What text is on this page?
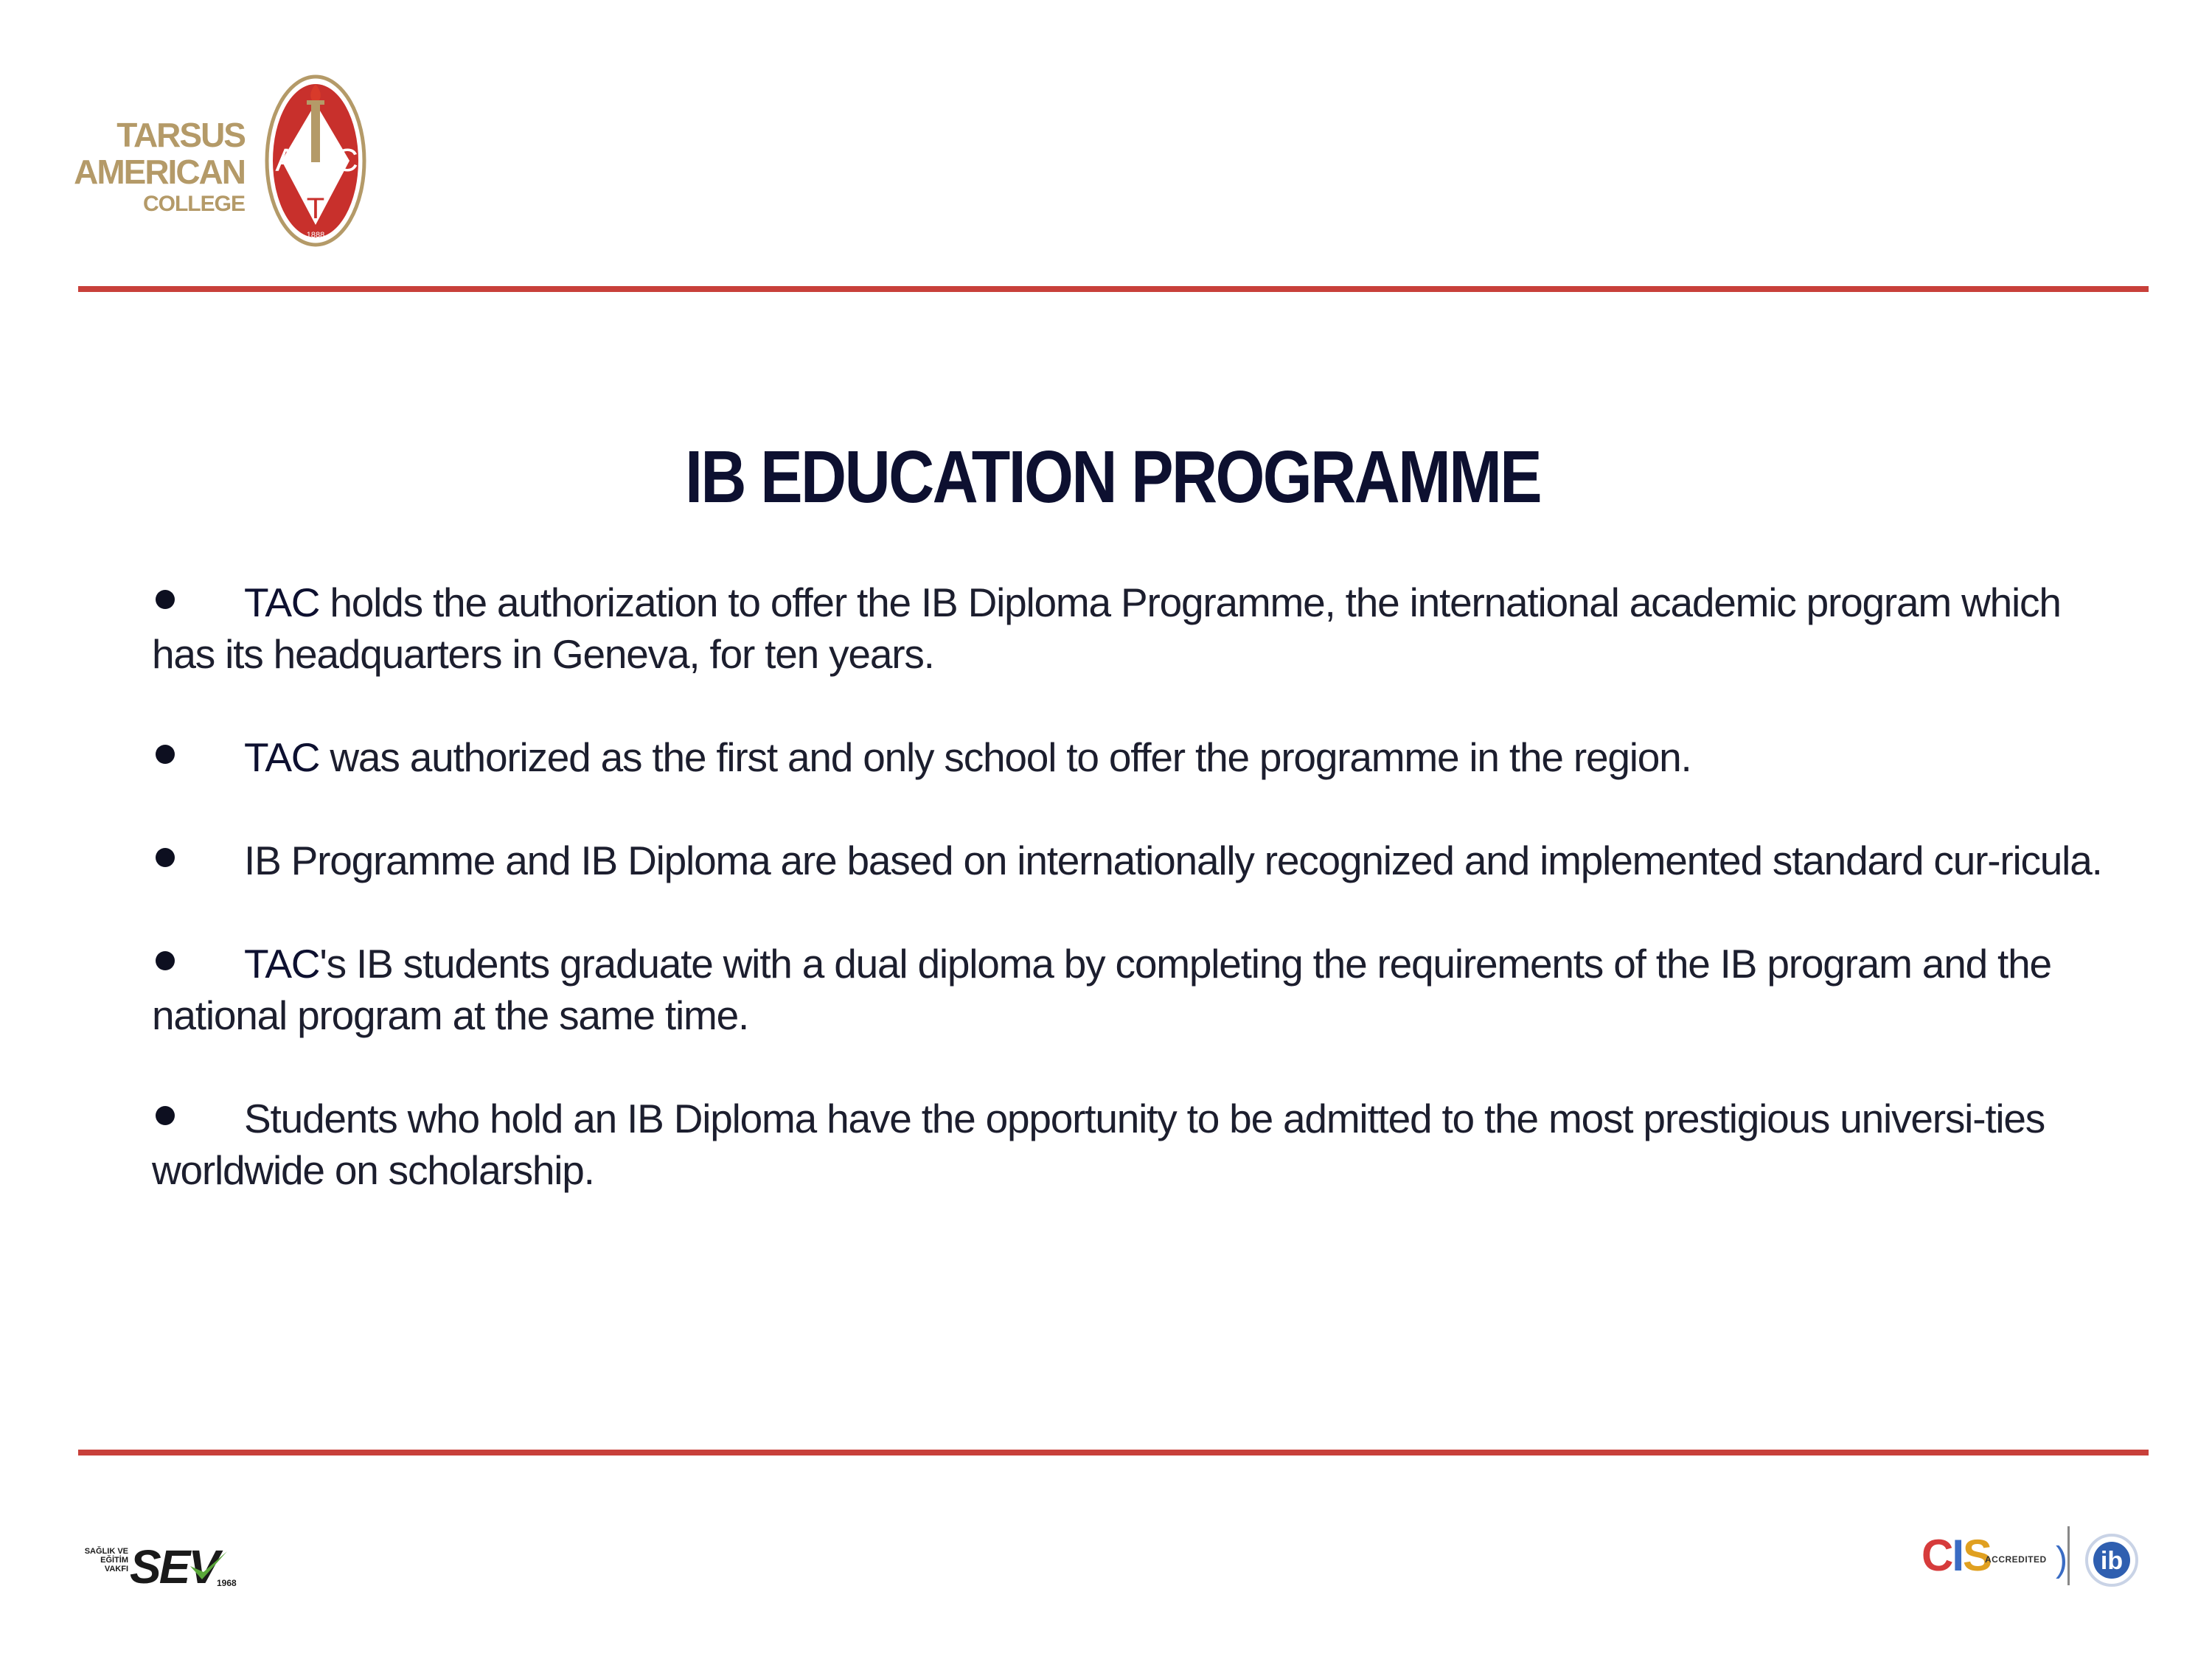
TARSUS
AMERICAN
COLLEGE
A C
T
1888
IB EDUCATION PROGRAMME
TAC holds the authorization to offer the IB Diploma Programme, the international academic program which has its headquarters in Geneva, for ten years.
TAC was authorized as the first and only school to offer the programme in the region.
IB Programme and IB Diploma are based on internationally recognized and implemented standard cur-ricula.
TAC's IB students graduate with a dual diploma by completing the requirements of the IB program and the national program at the same time.
Students who hold an IB Diploma have the opportunity to be admitted to the most prestigious universi-ties worldwide on scholarship.
SAĞLIK VE
EĞİTİM
VAKFI SEV
1968
CIS
ACCREDITED ) ib
